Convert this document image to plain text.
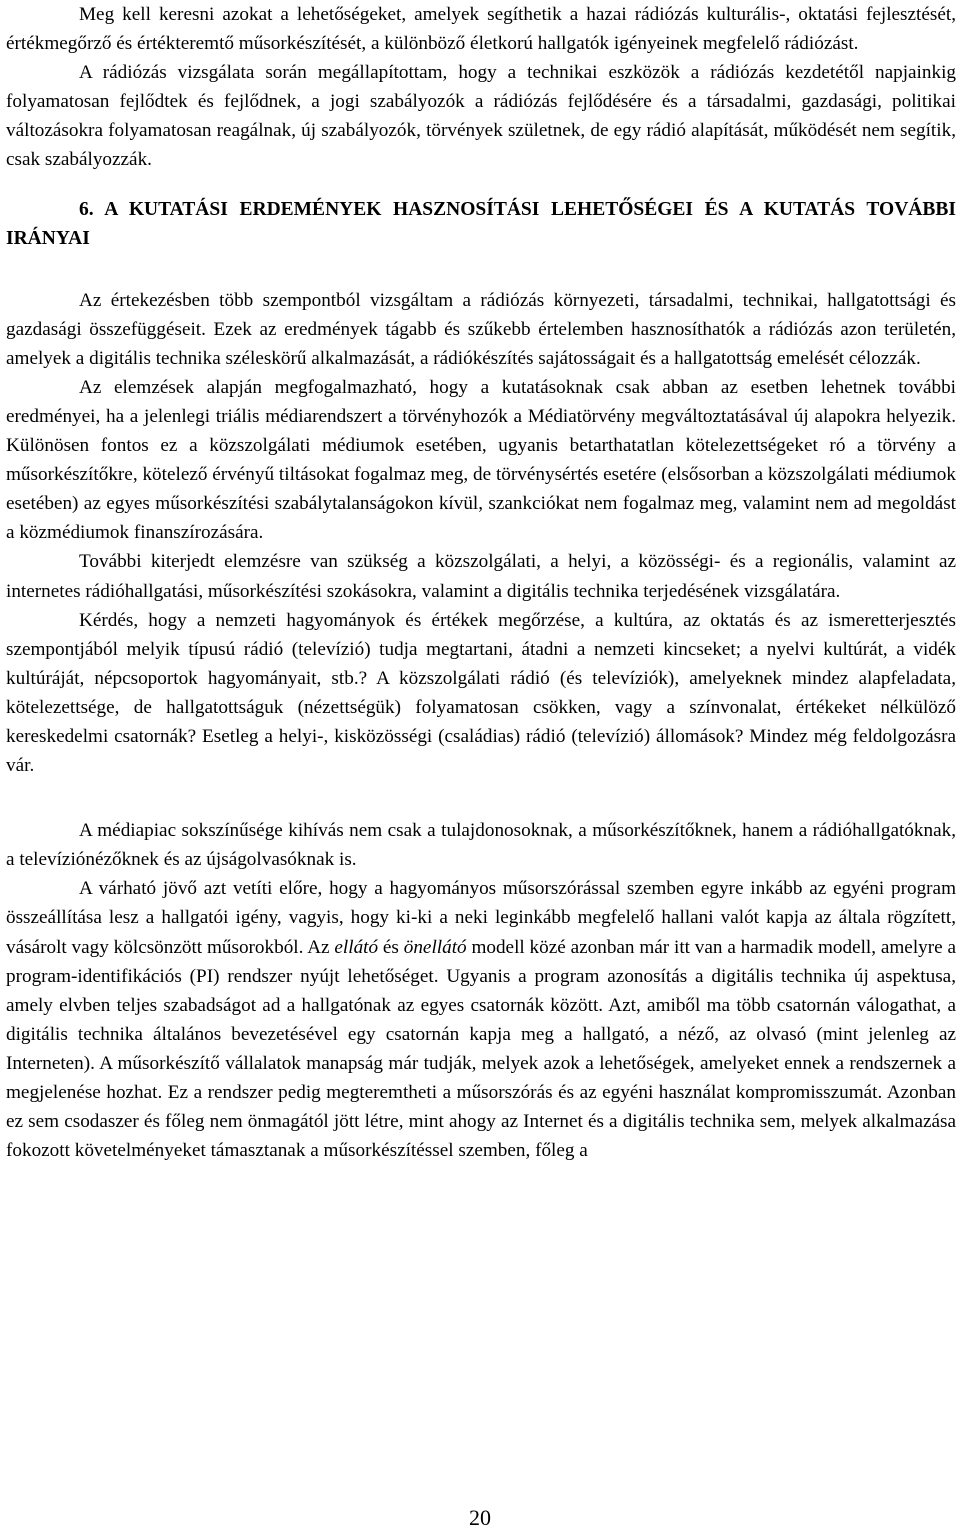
Meg kell keresni azokat a lehetőségeket, amelyek segíthetik a hazai rádiózás kulturális-, oktatási fejlesztését, értékmegőrző és értékteremtő műsorkészítését, a különböző életkorú hallgatók igényeinek megfelelő rádiózást.

A rádiózás vizsgálata során megállapítottam, hogy a technikai eszközök a rádiózás kezdetétől napjainkig folyamatosan fejlődtek és fejlődnek, a jogi szabályozók a rádiózás fejlődésére és a társadalmi, gazdasági, politikai változásokra folyamatosan reagálnak, új szabályozók, törvények születnek, de egy rádió alapítását, működését nem segítik, csak szabályozzák.

6. A KUTATÁSI ERDEMÉNYEK HASZNOSÍTÁSI LEHETŐSÉGEI ÉS A KUTATÁS TOVÁBBI IRÁNYAI

Az értekezésben több szempontból vizsgáltam a rádiózás környezeti, társadalmi, technikai, hallgatottsági és gazdasági összefüggéseit. Ezek az eredmények tágabb és szűkebb értelemben hasznosíthatók a rádiózás azon területén, amelyek a digitális technika széleskörű alkalmazását, a rádiókészítés sajátosságait és a hallgatottság emelését célozzák.

Az elemzések alapján megfogalmazható, hogy a kutatásoknak csak abban az esetben lehetnek további eredményei, ha a jelenlegi triális médiarendszert a törvényhozók a Médiatörvény megváltoztatásával új alapokra helyezik. Különösen fontos ez a közszolgálati médiumok esetében, ugyanis betarthatatlan kötelezettségeket ró a törvény a műsorkészítőkre, kötelező érvényű tiltásokat fogalmaz meg, de törvénysértés esetére (elsősorban a közszolgálati médiumok esetében) az egyes műsorkészítési szabálytalanságokon kívül, szankciókat nem fogalmaz meg, valamint nem ad megoldást a közmédiumok finanszírozására.

További kiterjedt elemzésre van szükség a közszolgálati, a helyi, a közösségi- és a regionális, valamint az internetes rádióhallgatási, műsorkészítési szokásokra, valamint a digitális technika terjedésének vizsgálatára.

Kérdés, hogy a nemzeti hagyományok és értékek megőrzése, a kultúra, az oktatás és az ismeretterjesztés szempontjából melyik típusú rádió (televízió) tudja megtartani, átadni a nemzeti kincseket; a nyelvi kultúrát, a vidék kultúráját, népcsoportok hagyományait, stb.? A közszolgálati rádió (és televíziók), amelyeknek mindez alapfeladata, kötelezettsége, de hallgatottságuk (nézettségük) folyamatosan csökken, vagy a színvonalat, értékeket nélkülöző kereskedelmi csatornák? Esetleg a helyi-, kisközösségi (családias) rádió (televízió) állomások? Mindez még feldolgozásra vár.

A médiapiac sokszínűsége kihívás nem csak a tulajdonosoknak, a műsorkészítőknek, hanem a rádióhallgatóknak, a televíziónézőknek és az újságolvasóknak is.

A várható jövő azt vetíti előre, hogy a hagyományos műsorszórással szemben egyre inkább az egyéni program összeállítása lesz a hallgatói igény, vagyis, hogy ki-ki a neki leginkább megfelelő hallani valót kapja az általa rögzített, vásárolt vagy kölcsönzött műsorokból. Az ellátó és önellátó modell közé azonban már itt van a harmadik modell, amelyre a program-identifikációs (PI) rendszer nyújt lehetőséget. Ugyanis a program azonosítás a digitális technika új aspektusa, amely elvben teljes szabadságot ad a hallgatónak az egyes csatornák között. Azt, amiből ma több csatornán válogathat, a digitális technika általános bevezetésével egy csatornán kapja meg a hallgató, a néző, az olvasó (mint jelenleg az Interneten). A műsorkészítő vállalatok manapság már tudják, melyek azok a lehetőségek, amelyeket ennek a rendszernek a megjelenése hozhat. Ez a rendszer pedig megteremtheti a műsorszórás és az egyéni használat kompromisszumát. Azonban ez sem csodaszer és főleg nem önmagától jött létre, mint ahogy az Internet és a digitális technika sem, melyek alkalmazása fokozott követelményeket támasztanak a műsorkészítéssel szemben, főleg a

20
